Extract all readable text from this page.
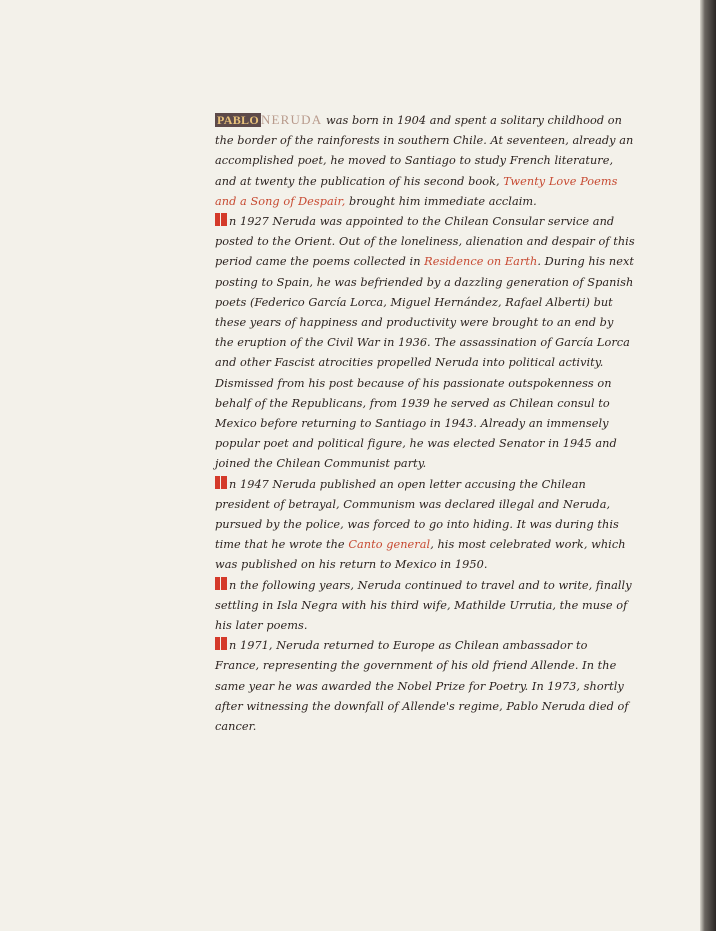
PABLO NERUDA was born in 1904 and spent a solitary childhood on the border of the rainforests in southern Chile. At seventeen, already an accomplished poet, he moved to Santiago to study French literature, and at twenty the publication of his second book, Twenty Love Poems and a Song of Despair, brought him immediate acclaim.

n 1927 Neruda was appointed to the Chilean Consular service and posted to the Orient. Out of the loneliness, alienation and despair of this period came the poems collected in Residence on Earth. During his next posting to Spain, he was befriended by a dazzling generation of Spanish poets (Federico García Lorca, Miguel Hernández, Rafael Alberti) but these years of happiness and productivity were brought to an end by the eruption of the Civil War in 1936. The assassination of García Lorca and other Fascist atrocities propelled Neruda into political activity. Dismissed from his post because of his passionate outspokenness on behalf of the Republicans, from 1939 he served as Chilean consul to Mexico before returning to Santiago in 1943. Already an immensely popular poet and political figure, he was elected Senator in 1945 and joined the Chilean Communist party.

n 1947 Neruda published an open letter accusing the Chilean president of betrayal, Communism was declared illegal and Neruda, pursued by the police, was forced to go into hiding. It was during this time that he wrote the Canto general, his most celebrated work, which was published on his return to Mexico in 1950.

n the following years, Neruda continued to travel and to write, finally settling in Isla Negra with his third wife, Mathilde Urrutia, the muse of his later poems.

n 1971, Neruda returned to Europe as Chilean ambassador to France, representing the government of his old friend Allende. In the same year he was awarded the Nobel Prize for Poetry. In 1973, shortly after witnessing the downfall of Allende's regime, Pablo Neruda died of cancer.
